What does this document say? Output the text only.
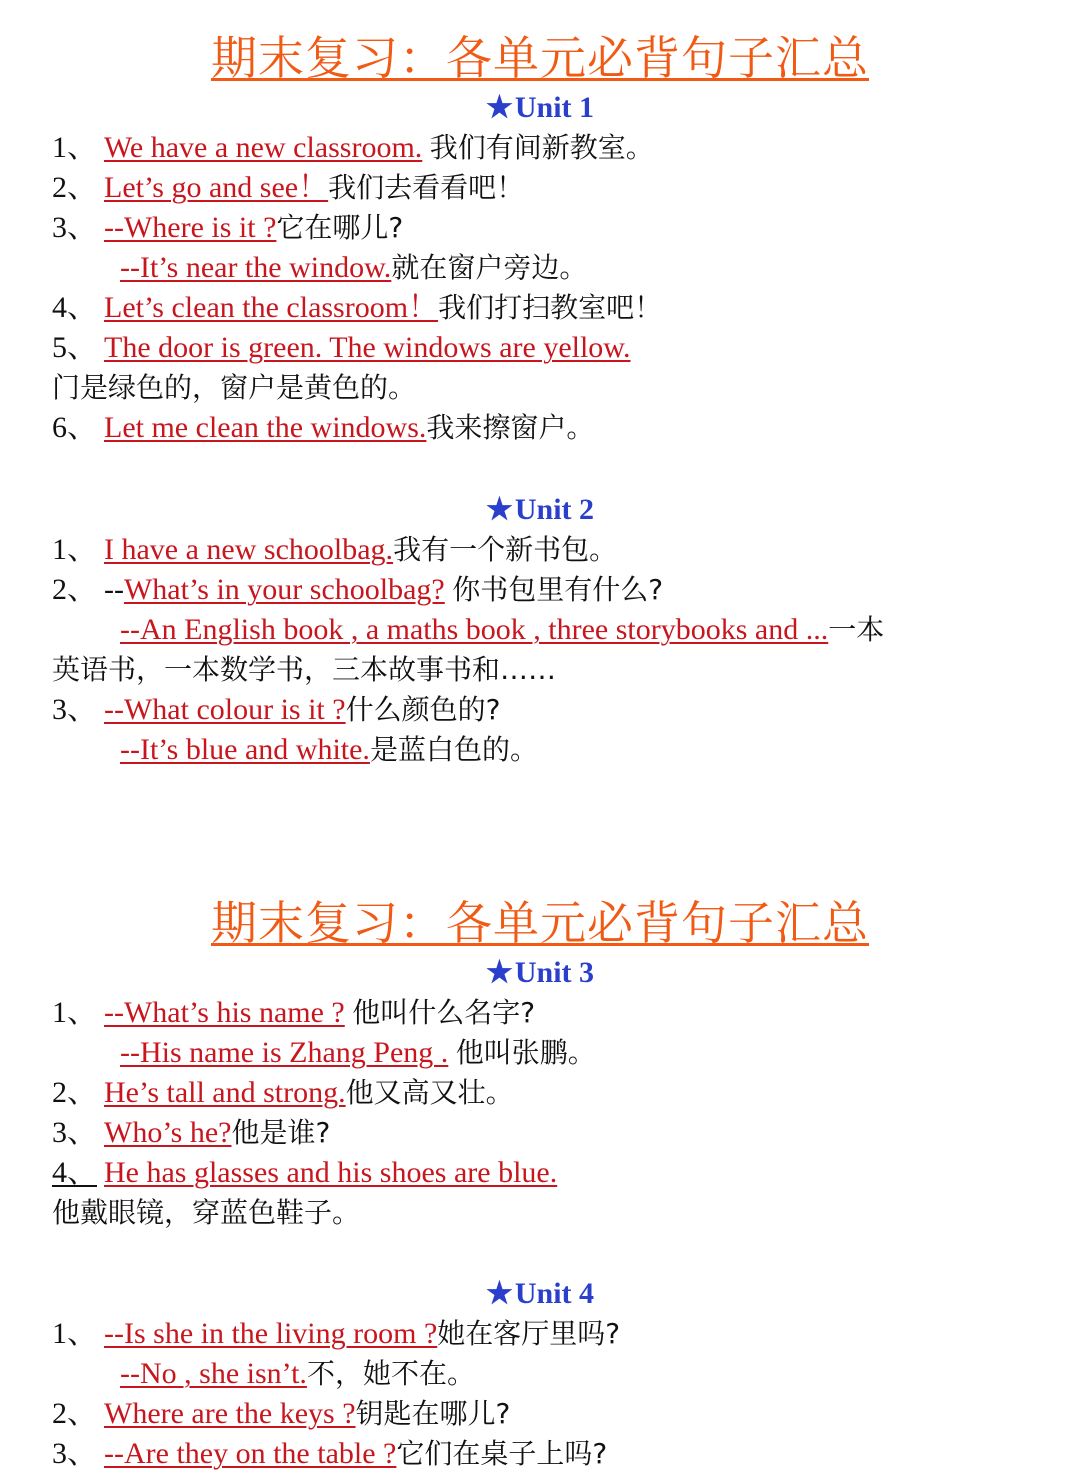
期末复习：各单元必背句子汇总
★Unit 1
1、 We have a new classroom. 我们有间新教室。
2、 Let’s go and see！我们去看看吧！
3、 --Where is it ?它在哪儿?
--It’s near the window.就在窗户旁边。
4、 Let’s clean the classroom！我们打扫教室吧！
5、 The door is green. The windows are yellow.
门是绿色的，窗户是黄色的。
6、 Let me clean the windows.我来擦窗户。
★Unit 2
1、 I have a new schoolbag.我有一个新书包。
2、 --What’s in your schoolbag? 你书包里有什么?
--An English book , a maths book , three storybooks and ...一本
英语书，一本数学书，三本故事书和……
3、 --What colour is it ?什么颜色的?
--It’s blue and white.是蓝白色的。
期末复习：各单元必背句子汇总
★Unit 3
1、 --What’s his name ? 他叫什么名字?
--His name is Zhang Peng . 他叫张鹏。
2、 He’s tall and strong.他又高又壮。
3、 Who’s he?他是谁?
4、 He has glasses and his shoes are blue.
他戴眼镜，穿蓝色鞋子。
★Unit 4
1、 --Is she in the living room ?她在客厅里吗?
--No , she isn’t.不，她不在。
2、 Where are the keys ?钥匙在哪儿?
3、 --Are they on the table ?它们在桌子上吗?
